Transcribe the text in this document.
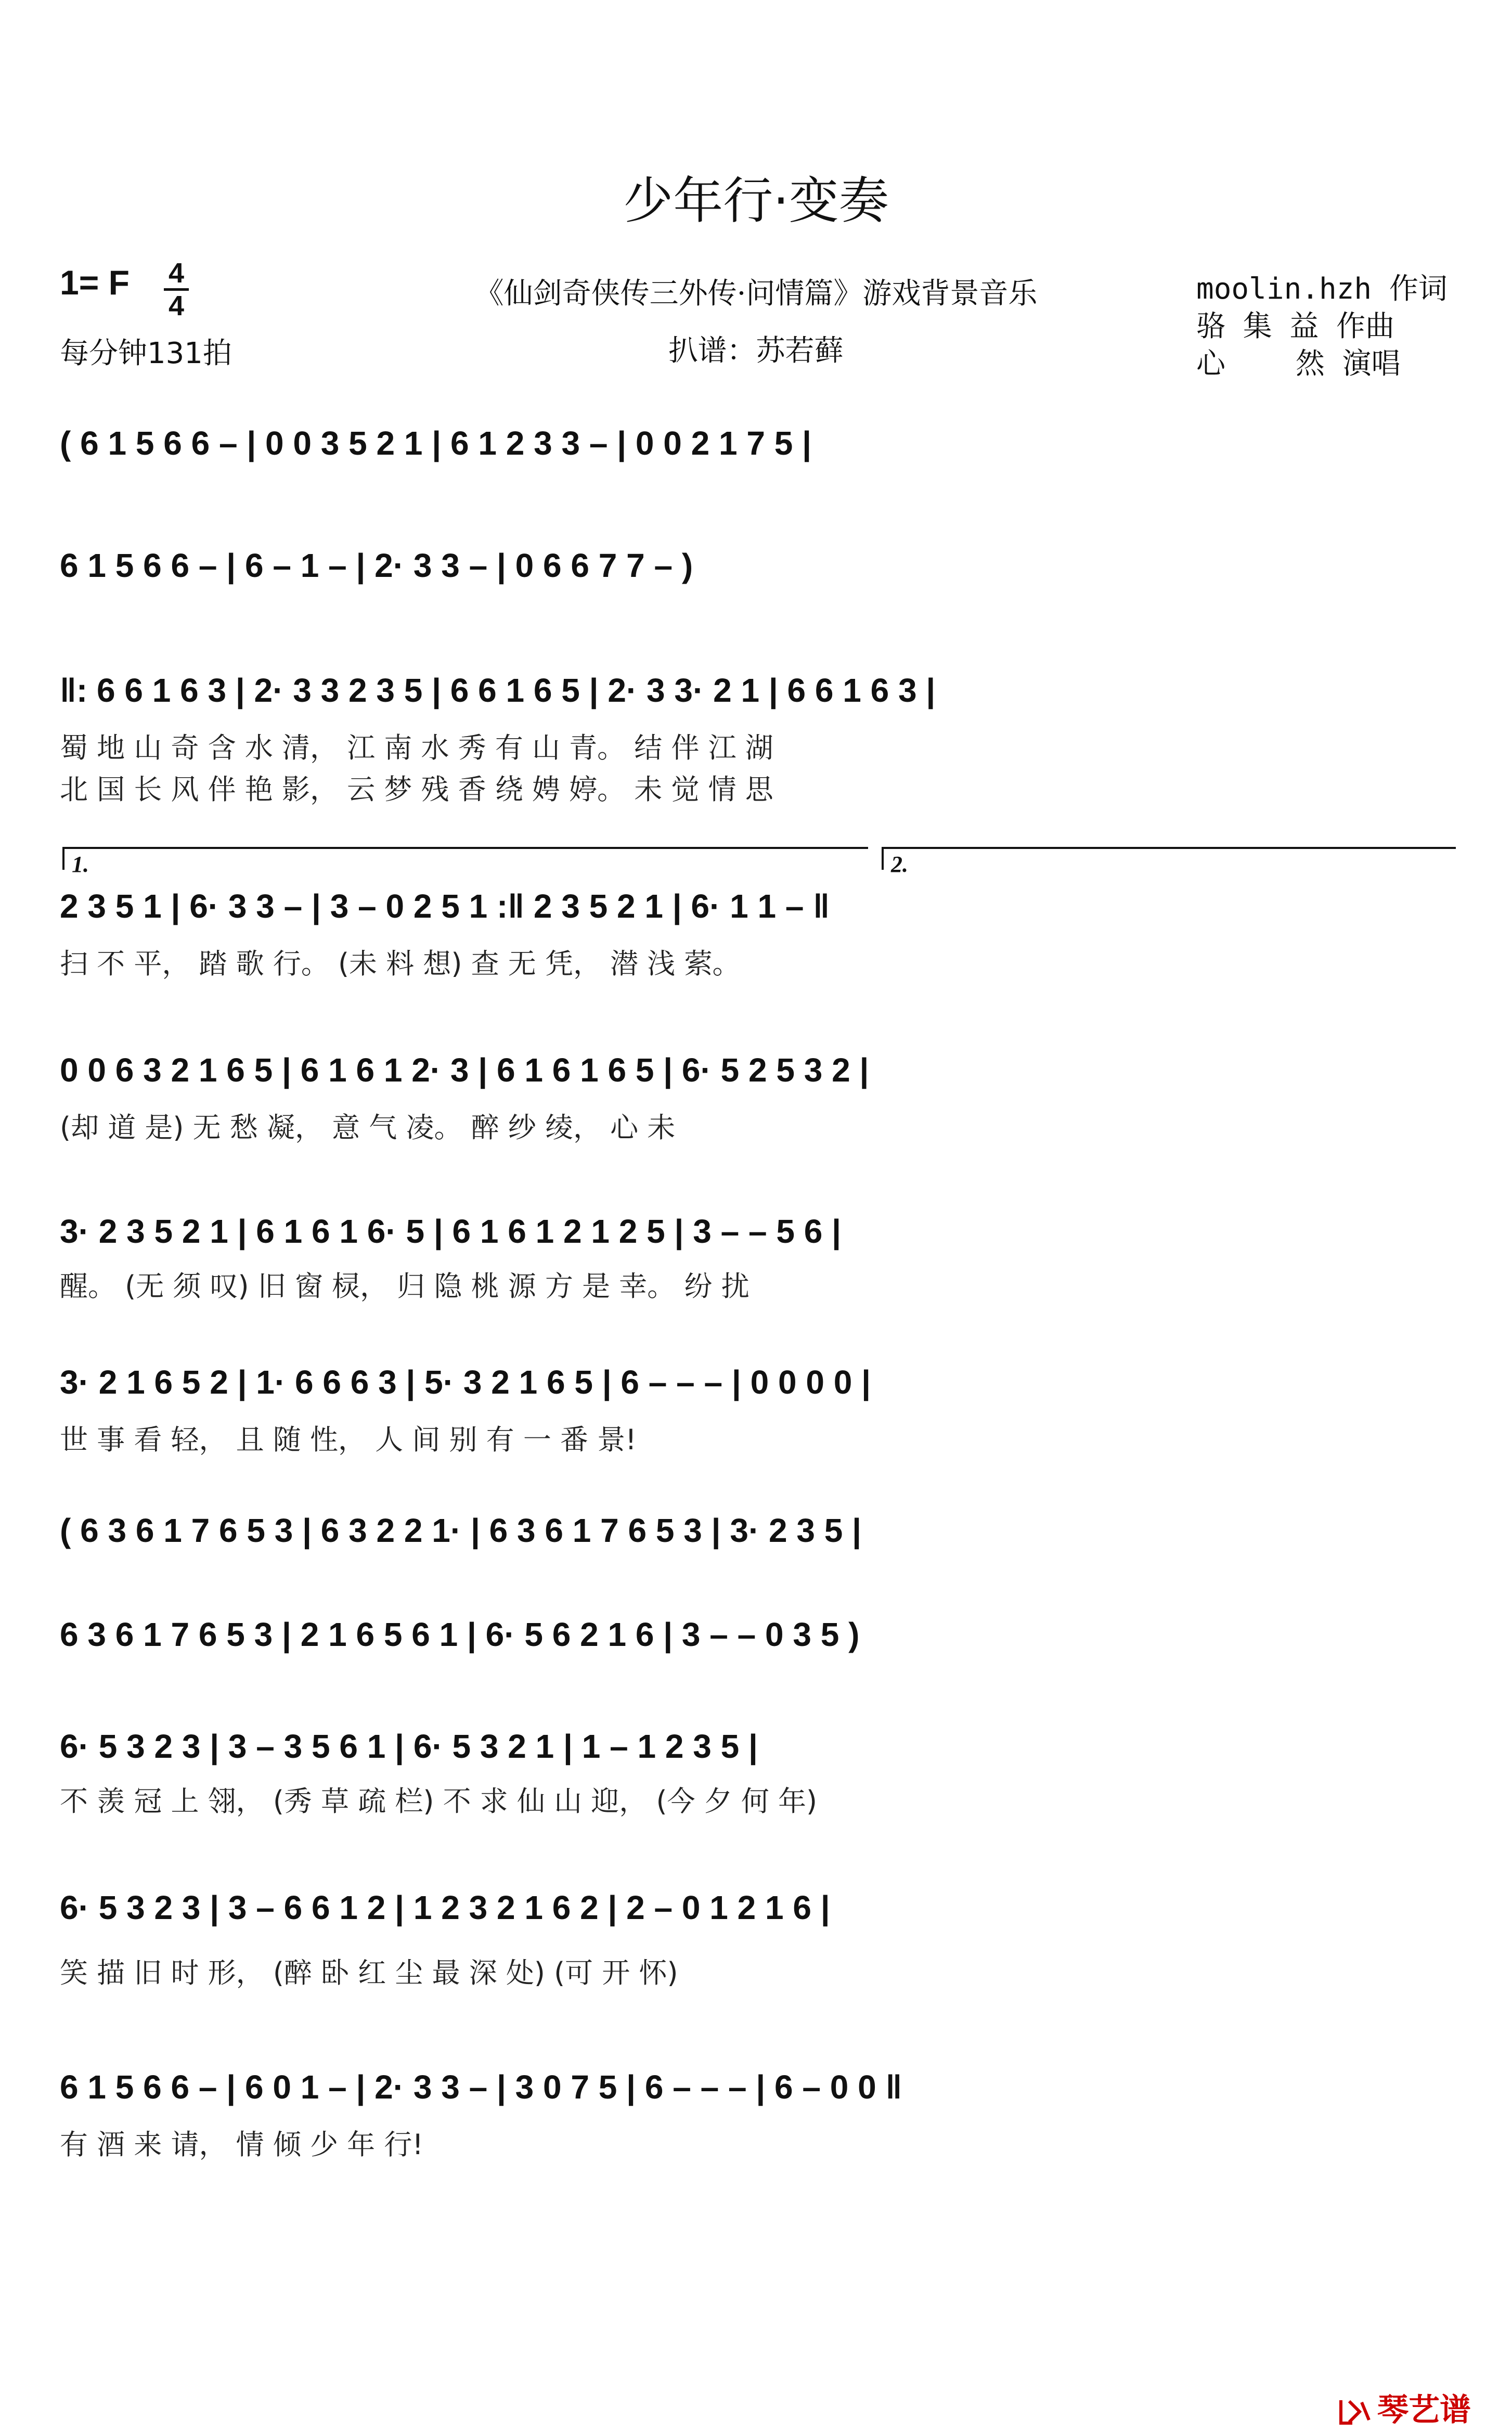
少年行·变奏
1= F 4
4
每分钟131拍
《仙剑奇侠传三外传·问情篇》游戏背景音乐
扒谱：苏若藓
moolin.hzh 作词
骆 集 益 作曲
心    然 演唱
( 6 1 5 6 6 – | 0 0 3 5 2 1 | 6 1 2 3 3 – | 0 0 2 1 7 5 |
6 1 5 6 6 – | 6 – 1 – | 2· 3 3 – | 0 6 6 7 7 – )
‖: 6 6 1 6 3 | 2· 3 3 2 3 5 | 6 6 1 6 5 | 2· 3 3· 2 1 | 6 6 1 6 3 |
蜀 地 山 奇 含 水 清， 江 南 水 秀 有 山 青。 结 伴 江 湖
北 国 长 风 伴 艳 影， 云 梦 残 香 绕 娉 婷。 未 觉 情 思
1.	2.
2 3 5 1 | 6· 3 3 – | 3 – 0 2 5 1 :‖ 2 3 5 2 1 | 6· 1 1 – ‖
扫 不 平， 踏 歌 行。 (未 料 想) 查 无 凭， 潜 浅 萦。
0 0 6 3 2 1 6 5 | 6 1 6 1 2· 3 | 6 1 6 1 6 5 | 6· 5 2 5 3 2 |
(却 道 是) 无 愁 凝， 意 气 凌。 醉 纱 绫， 心 未
3· 2 3 5 2 1 | 6 1 6 1 6· 5 | 6 1 6 1 2 1 2 5 | 3 – – 5 6 |
醒。 (无 须 叹) 旧 窗 棂， 归 隐 桃 源 方 是 幸。 纷 扰
3· 2 1 6 5 2 | 1· 6 6 6 3 | 5· 3 2 1 6 5 | 6 – – – | 0 0 0 0 |
世 事 看 轻， 且 随 性， 人 间 别 有 一 番 景!
( 6 3 6 1 7 6 5 3 | 6 3 2 2 1· | 6 3 6 1 7 6 5 3 | 3· 2 3 5 |
6 3 6 1 7 6 5 3 | 2 1 6 5 6 1 | 6· 5 6 2 1 6 | 3 – – 0 3 5 )
6· 5 3 2 3 | 3 – 3 5 6 1 | 6· 5 3 2 1 | 1 – 1 2 3 5 |
不 羡 冠 上 翎， (秀 草 疏 栏) 不 求 仙 山 迎， (今 夕 何 年)
6· 5 3 2 3 | 3 – 6 6 1 2 | 1 2 3 2 1 6 2 | 2 – 0 1 2 1 6 |
笑 描 旧 时 形， (醉 卧 红 尘 最 深 处) (可 开 怀)
6 1 5 6 6 – | 6 0 1 – | 2· 3 3 – | 3 0 7 5 | 6 – – – | 6 – 0 0 ‖
有 酒 来 请， 情 倾 少 年 行!
琴艺谱
